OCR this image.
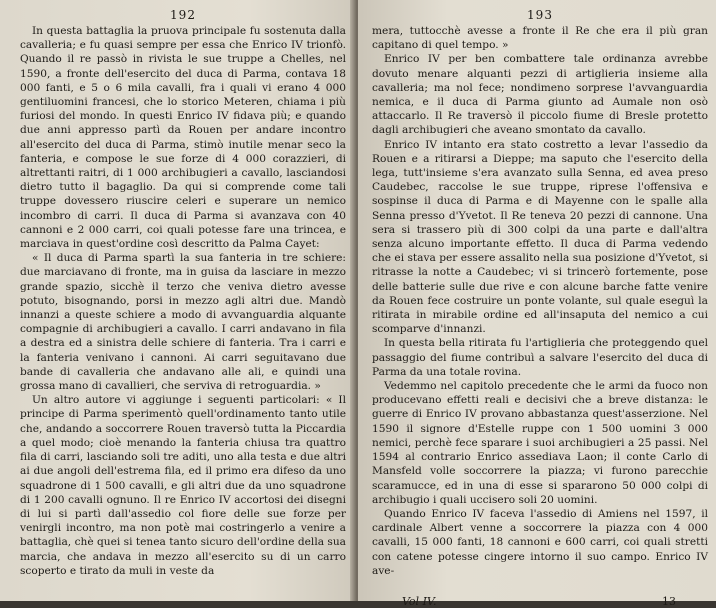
192

In questa battaglia la pruova principale fu sostenuta dalla cavalleria; e fu quasi sempre per essa che Enrico IV trionfò. Quando il re passò in rivista le sue truppe a Chelles, nel 1590, a fronte dell'esercito del duca di Parma, contava 18 000 fanti, e 5 o 6 mila cavalli, fra i quali vi erano 4 000 gentiluomini francesi, che lo storico Meteren, chiama i più furiosi del mondo. In questi Enrico IV fidava più; e quando due anni appresso partì da Rouen per andare incontro all'esercito del duca di Parma, stimò inutile menar seco la fanteria, e compose le sue forze di 4 000 corazzieri, di altrettanti raitri, di 1 000 archibugieri a cavallo, lasciandosi dietro tutto il bagaglio. Da qui si comprende come tali truppe dovessero riuscire celeri e superare un nemico incombro di carri. Il duca di Parma si avanzava con 40 cannoni e 2 000 carri, coi quali potesse fare una trincea, e marciava in quest'ordine così descritto da Palma Cayet:

« Il duca di Parma spartì la sua fanteria in tre schiere: due marciavano di fronte, ma in guisa da lasciare in mezzo grande spazio, sicchè il terzo che veniva dietro avesse potuto, bisognando, porsi in mezzo agli altri due. Mandò innanzi a queste schiere a modo di avvanguardia alquante compagnie di archibugieri a cavallo. I carri andavano in fila a destra ed a sinistra delle schiere di fanteria. Tra i carri e la fanteria venivano i cannoni. Ai carri seguitavano due bande di cavalleria che andavano alle ali, e quindi una grossa mano di cavallieri, che serviva di retroguardia. »

Un altro autore vi aggiunge i seguenti particolari: « Il principe di Parma sperimentò quell'ordinamento tanto utile che, andando a soccorrere Rouen traversò tutta la Piccardia a quel modo; cioè menando la fanteria chiusa tra quattro fila di carri, lasciando soli tre aditi, uno alla testa e due altri ai due angoli dell'estrema fila, ed il primo era difeso da uno squadrone di 1 500 cavalli, e gli altri due da uno squadrone di 1 200 cavalli ognuno. Il re Enrico IV accortosi dei disegni di lui si partì dall'assedio col fiore delle sue forze per venirgli incontro, ma non potè mai costringerlo a venire a battaglia, chè quei si tenea tanto sicuro dell'ordine della sua marcia, che andava in mezzo all'esercito su di un carro scoperto e tirato da muli in veste da

193

mera, tuttocchè avesse a fronte il Re che era il più gran capitano di quel tempo. »

Enrico IV per ben combattere tale ordinanza avrebbe dovuto menare alquanti pezzi di artiglieria insieme alla cavalleria; ma nol fece; nondimeno sorprese l'avvanguardia nemica, e il duca di Parma giunto ad Aumale non osò attaccarlo. Il Re traversò il piccolo fiume di Bresle protetto dagli archibugieri che aveano smontato da cavallo.

Enrico IV intanto era stato costretto a levar l'assedio da Rouen e a ritirarsi a Dieppe; ma saputo che l'esercito della lega, tutt'insieme s'era avanzato sulla Senna, ed avea preso Caudebec, raccolse le sue truppe, riprese l'offensiva e sospinse il duca di Parma e di Mayenne con le spalle alla Senna presso d'Yvetot. Il Re teneva 20 pezzi di cannone. Una sera si trassero più di 300 colpi da una parte e dall'altra senza alcuno importante effetto. Il duca di Parma vedendo che ei stava per essere assalito nella sua posizione d'Yvetot, si ritrasse la notte a Caudebec; vi si trincerò fortemente, pose delle batterie sulle due rive e con alcune barche fatte venire da Rouen fece costruire un ponte volante, sul quale eseguì la ritirata in mirabile ordine ed all'insaputa del nemico a cui scomparve d'innanzi.

In questa bella ritirata fu l'artiglieria che proteggendo quel passaggio del fiume contribuì a salvare l'esercito del duca di Parma da una totale rovina.

Vedemmo nel capitolo precedente che le armi da fuoco non producevano effetti reali e decisivi che a breve distanza: le guerre di Enrico IV provano abbastanza quest'asserzione. Nel 1590 il signore d'Estelle ruppe con 1 500 uomini 3 000 nemici, perchè fece sparare i suoi archibugieri a 25 passi. Nel 1594 al contrario Enrico assediava Laon; il conte Carlo di Mansfeld volle soccorrere la piazza; vi furono parecchie scaramucce, ed in una di esse si spararono 50 000 colpi di archibugio i quali uccisero soli 20 uomini.

Quando Enrico IV faceva l'assedio di Amiens nel 1597, il cardinale Albert venne a soccorrere la piazza con 4 000 cavalli, 15 000 fanti, 18 cannoni e 600 carri, coi quali stretti con catene potesse cingere intorno il suo campo. Enrico IV ave-

Vol IV.	13
